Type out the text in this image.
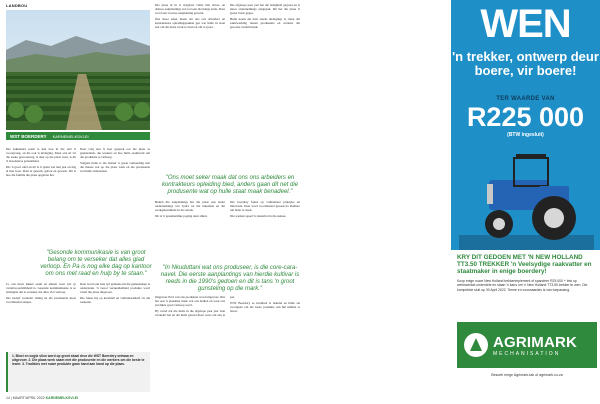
LANDBOU
WST BOERDERY	KARNEMELKSVLEI

Die sukkelend saam te kan bou in die reël 'n voorsprong, en dis ook 'n uitdaging. Maar ons sit vir die saake gewoonweg, is daar op die plaas weer, is dit 'n besonderse geleentheid.

Dis 'n groot tafel en dit is 'n gesin wat met jaar en dag al hier boer. Daar is gewerk, gebou en gewerk. Dit is hoe die familie die plaas opgebou het.

Daar volg nou 'n kort gesprek oor die plaas se geskiedenis, die werkers en hoe hulle saamwerk om die produksie te verhoog.

Volgens hulle is die sleutel 'n goeie verhouding met die mense wat op die plaas werk en die produsente wat hulle ondersteun.

Die plaas lê in 'n vrugbare vallei met sitrus- en druiwe-aanplantings wat tot teen die hange strek. Daar word aan 'n nuwe aanplanting gewerk.

Ons moet seker maak dat ons ons arbeiders en kontrakteurs opleidingspakket gee wat hulle in staat stel om die beste werk te doen en om te groei.

Die afgelope paar jaar het die besigheid gegroei en is nuwe ondernemings aangepak. Dit het die plaas 'n groter basis gegee.

Hulle noem dat daar steeds uitdagings is, maar dat samewerking tussen produsente en werkers die grootste verskil maak.

"Gesonde kommunikasie is van groot belang om te verseker dat alles glad verloop. En Pa is nog elke dag op kantoor om ons met raad en hulp by te staan."
"Ons moet seker maak dat ons ons arbeiders en kontrakteurs opleiding bied, anders gaan dit net die produsente wat op hulle staat maak benadeel."
"In Nkuduttani wat ons produseer, is die core-cara-navel. Die eerste aanplantings van hierdie kultivar is reeds in die 1990's gedoen en dit is tans 'n groot gunsteling op die mark."

Ja, ons moet lekker saam en elkeen weet wat sy verantwoordelikheid is. Gesonde kommunikasie is so belangrik om te verseker dat alles vlot verloop.

Die bedryf verander vinnig en die produsente moet voortdurend aanpas.

Daar word ook baie tyd gemaak om die gemeenskap te ondersteun. 'n Groot verskeidenheid produkte word vanaf die plaas uitgevoer.

Die fokus bly op kwaliteit en volhoubaarheid vir die toekoms.

Buiten die aanplantings het die plaas ook ander ondernemings wat bydra tot die inkomste en die werkgeleenthede in die streek.

Dit is 'n gesamentlike poging deur almal.

Die boerdery fokus op volhoubare praktyke en innovasie. Daar word voortdurend gesoek na maniere om beter te doen.

Die werkers speel 'n sleutelrol in die sukses.

Ongeveer 8o% van ons produksie word uitgevoer. Ons het ook 'n plaaslike mark wat ons bedien en waar ons produkte goed verkoop word.

Hy vertel dat die mark in die afgelope paar jaar baie verander het en dat hulle gereed moet wees om aan te pas.

WST Boerdery se kwaliteit is bekend en hulle sal voortgaan om die beste produkte aan hul kliënte te lewer.

1. Bloei en oogte slixo word op groot skaal deur die WST Boerdery ontwaa en uitgevoer. 2. Die plaas werk saam met die produsente en die werkers om die beste te lewer. 3. Tradisies met nuwe produkte gaan hand aan hand op die plaas.
14 | MAART/APRIL 2022 KARNEMELKSVLEI
WEN
'n trekker, ontwerp deur boere, vir boere!
TER WAARDE VAN
R225 000
(BTW ingesluit)
KRY DIT GEDOEN MET 'N NEW HOLLAND TT3.50 TREKKER 'n Veelsydige raakvatter en staatmaker in enige boerdery!
Koop enige nuwe New Holland trekkerimplement of spandeer R25 000 + btw op werkswinkel-onderdele en staan 'n kans om 'n New Holland TT3.50-trekker te wen. Die kompetisie sluit op 30 April 2022. Terme en voorwaardes is van toepassing.
AGRIMARK
MECHANISATION
Besoek enige Agrimark-tak of agrimark.co.za
